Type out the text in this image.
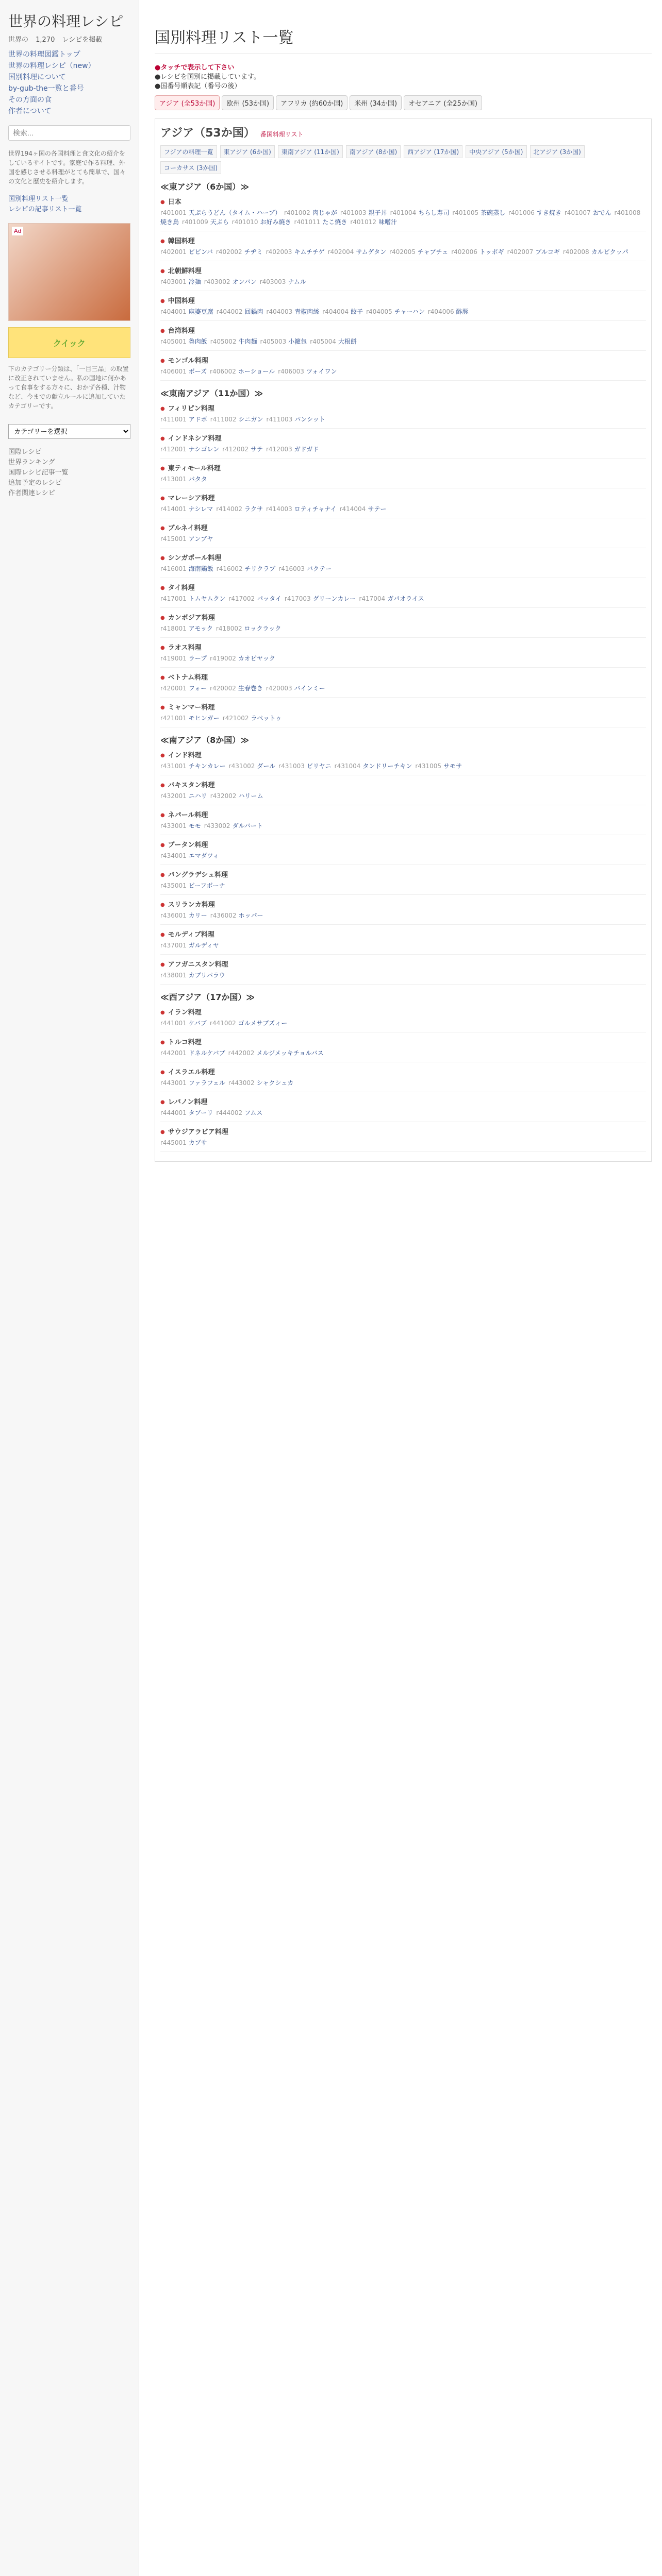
世界の料理レシピ
世界の 1,270 レシピを掲載
世界の料理図鑑トップ
世界の料理レシピ（new）
国別料理について
by-gub-the一覧と番号
その方面の食
作者について
検索...

世界194ヶ国の各国料理と食文化の紹介をしているサイトです。家庭で作る料理、外国を感じさせる料理がとても簡単で、国々の文化と歴史を紹介します。

国別料理リスト一覧
レシピの記事リスト一覧
Ad
クイック

下のカテゴリー分類は、「一目三品」の取置に改正されていません。私の国地に何かあって食事をする方々に、おかず各種、汁物など、今までの献立ルールに追加していたカテゴリーです。

カテゴリーを選択
国際レシピ
世界ランキング
国際レシピ記事一覧
追加予定のレシピ
作者関連レシピ
国別料理リスト一覧
●タッチで表示して下さい
●レシピを国別に掲載しています。
●国番号順表記（番号の後）
アジア (全53か国)	欧州 (53か国)	アフリカ (約60か国)	米州 (34か国)	オセアニア (全25か国)
アジア（53か国） 番国料理リスト
フジアの料理一覧	東アジア (6か国)	東南アジア (11か国)	南アジア (8か国)	西アジア (17か国)	中央アジア (5か国)	北アジア (3か国)
コーカサス (3か国)
≪東アジア（6か国）≫
● 日本
r401001 天ぷらうどん（タイム・ハーブ） r401002 肉じゃが r401003 親子丼 r401004 ちらし寿司 r401005 茶碗蒸し r401006 すき焼き r401007 おでん r401008焼き鳥 r401009 天ぷら r401010 お好み焼き r401011 たこ焼き r401012 味噌汁
● 韓国料理
r402001 ビビンバ r402002 チヂミ r402003 キムチチゲ r402004 サムゲタン r402005 チャプチェ r402006 トッポギ r402007 プルコギ r402008 カルビクッパ
● 北朝鮮料理
r403001 冷麺 r403002 オンバン r403003 ナムル
● 中国料理
r404001 麻婆豆腐 r404002 回鍋肉 r404003 青椒肉絲 r404004 餃子 r404005 チャーハン r404006 酢豚
● 台湾料理
r405001 魯肉飯 r405002 牛肉麺 r405003 小籠包 r405004 大根餅
● モンゴル料理
r406001 ボーズ r406002 ホーショール r406003 ツォイワン
≪東南アジア（11か国）≫
● フィリピン料理
r411001 アドボ r411002 シニガン r411003 パンシット
● インドネシア料理
r412001 ナシゴレン r412002 サテ r412003 ガドガド
● 東ティモール料理
r413001 バタタ
● マレーシア料理
r414001 ナシレマ r414002 ラクサ r414003 ロティチャナイ r414004 サテー
● ブルネイ料理
r415001 アンブヤ
● シンガポール料理
r416001 海南鶏飯 r416002 チリクラブ r416003 バクテー
● タイ料理
r417001 トムヤムクン r417002 パッタイ r417003 グリーンカレー r417004 ガパオライス
● カンボジア料理
r418001 アモック r418002 ロックラック
● ラオス料理
r419001 ラープ r419002 カオピヤック
● ベトナム料理
r420001 フォー r420002 生春巻き r420003 バインミー
● ミャンマー料理
r421001 モヒンガー r421002 ラペットゥ
≪南アジア（8か国）≫
● インド料理
r431001 チキンカレー r431002 ダール r431003 ビリヤニ r431004 タンドリーチキン r431005 サモサ
● パキスタン料理
r432001 ニハリ r432002 ハリーム
● ネパール料理
r433001 モモ r433002 ダルバート
● ブータン料理
r434001 エマダツィ
● バングラデシュ料理
r435001 ビーフボーナ
● スリランカ料理
r436001 カリー r436002 ホッパー
● モルディブ料理
r437001 ガルディヤ
● アフガニスタン料理
r438001 カブリパラウ
≪西アジア（17か国）≫
● イラン料理
r441001 ケバブ r441002 ゴルメサブズィー
● トルコ料理
r442001 ドネルケバブ r442002 メルジメッキチョルバス
● イスラエル料理
r443001 ファラフェル r443002 シャクシュカ
● レバノン料理
r444001 タブーリ r444002 フムス
● サウジアラビア料理
r445001 カブサ
